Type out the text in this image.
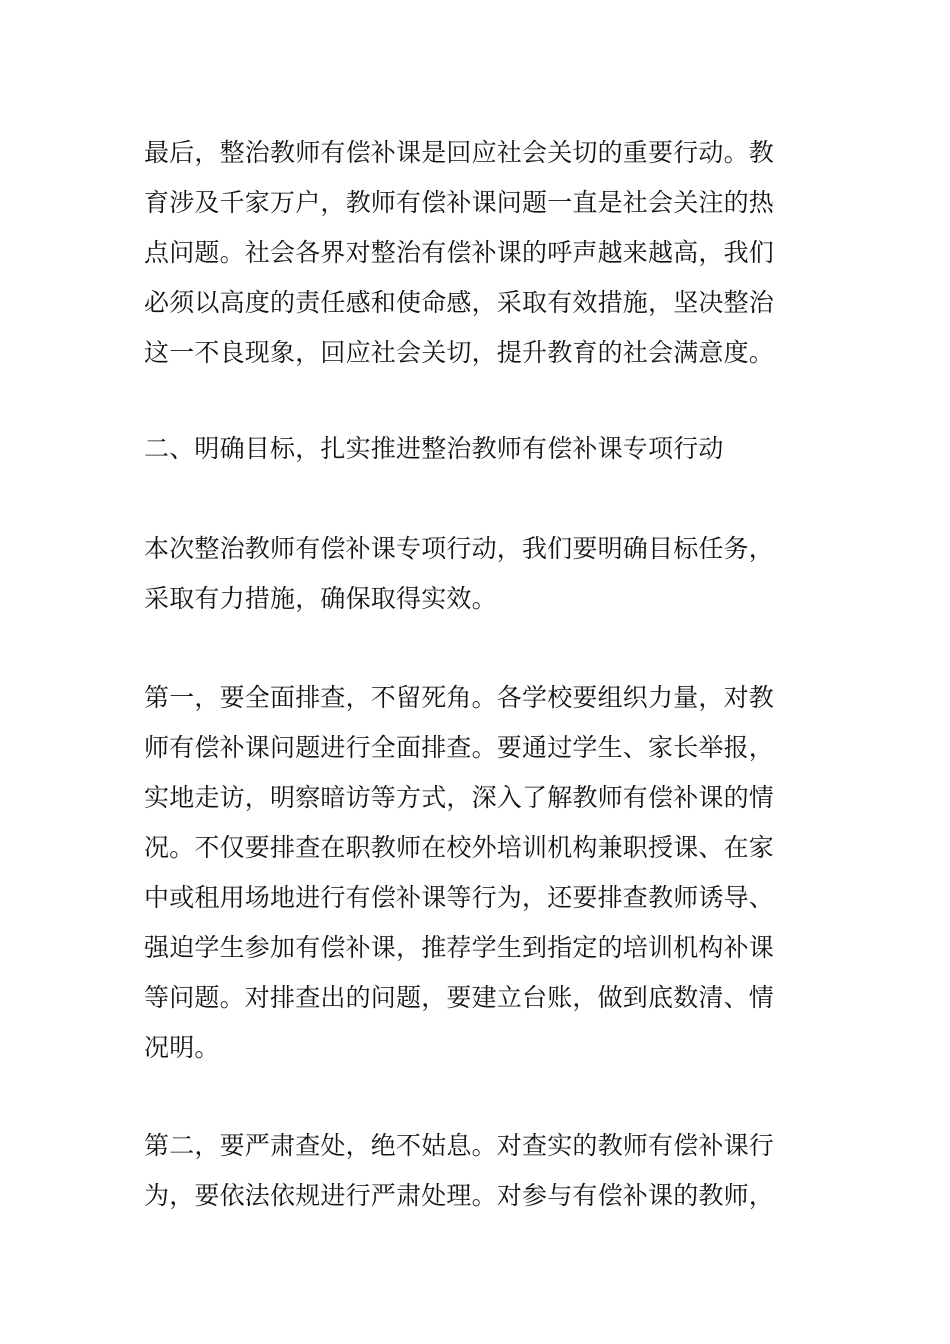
最后，整治教师有偿补课是回应社会关切的重要行动。教
育涉及千家万户，教师有偿补课问题一直是社会关注的热
点问题。社会各界对整治有偿补课的呼声越来越高，我们
必须以高度的责任感和使命感，采取有效措施，坚决整治
这一不良现象，回应社会关切，提升教育的社会满意度。
二、明确目标，扎实推进整治教师有偿补课专项行动
本次整治教师有偿补课专项行动，我们要明确目标任务，
采取有力措施，确保取得实效。
第一，要全面排查，不留死角。各学校要组织力量，对教
师有偿补课问题进行全面排查。要通过学生、家长举报，
实地走访，明察暗访等方式，深入了解教师有偿补课的情
况。不仅要排查在职教师在校外培训机构兼职授课、在家
中或租用场地进行有偿补课等行为，还要排查教师诱导、
强迫学生参加有偿补课，推荐学生到指定的培训机构补课
等问题。对排查出的问题，要建立台账，做到底数清、情
况明。
第二，要严肃查处，绝不姑息。对查实的教师有偿补课行
为，要依法依规进行严肃处理。对参与有偿补课的教师，
